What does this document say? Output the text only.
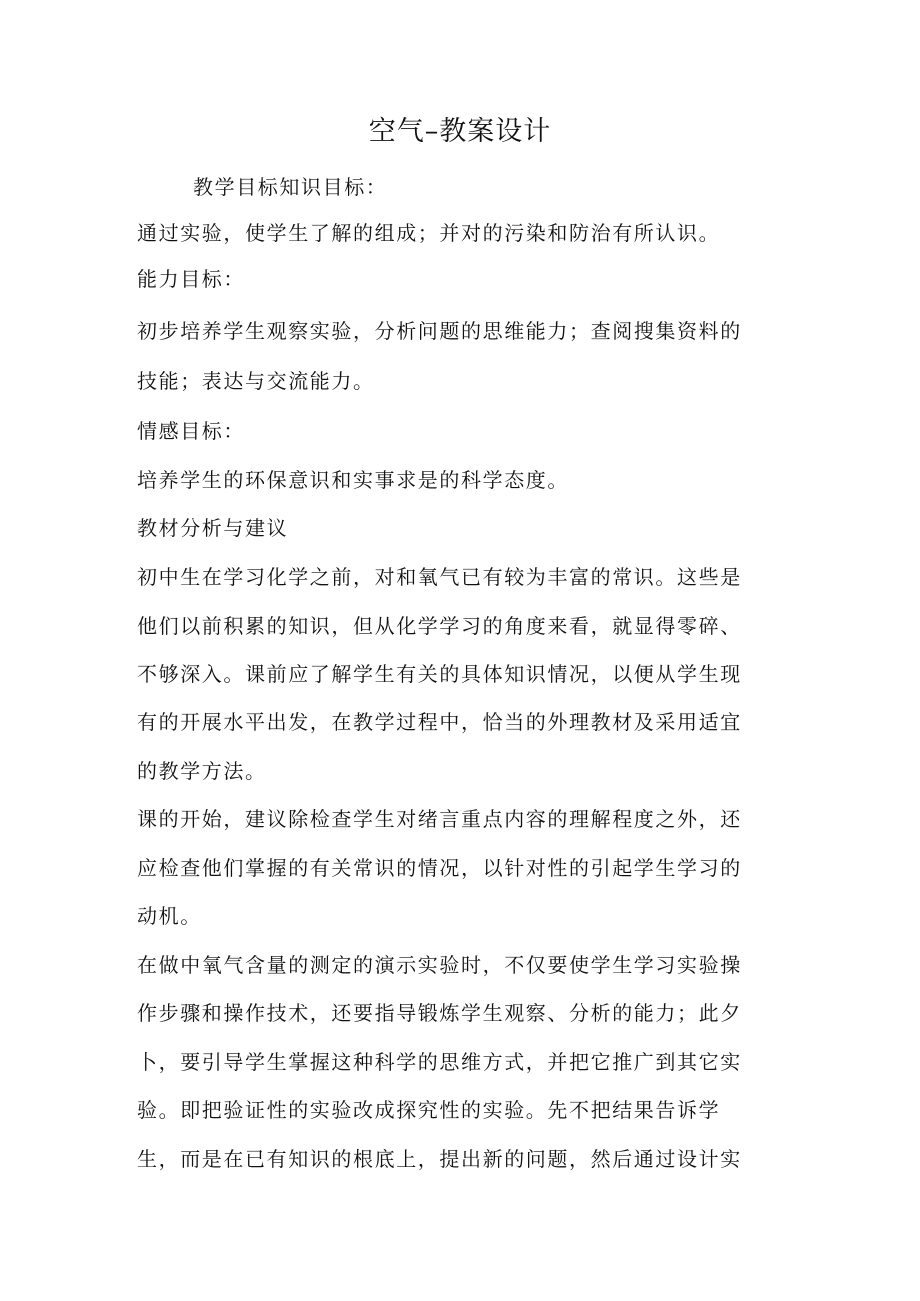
空气–教案设计

教学目标知识目标：

通过实验，使学生了解的组成；并对的污染和防治有所认识。

能力目标：

初步培养学生观察实验，分析问题的思维能力；查阅搜集资料的

技能；表达与交流能力。

情感目标：

培养学生的环保意识和实事求是的科学态度。

教材分析与建议

初中生在学习化学之前，对和氧气已有较为丰富的常识。这些是

他们以前积累的知识，但从化学学习的角度来看，就显得零碎、

不够深入。课前应了解学生有关的具体知识情况，以便从学生现

有的开展水平出发，在教学过程中，恰当的外理教材及采用适宜

的教学方法。

课的开始，建议除检查学生对绪言重点内容的理解程度之外，还

应检查他们掌握的有关常识的情况，以针对性的引起学生学习的

动机。

在做中氧气含量的测定的演示实验时，不仅要使学生学习实验操

作步骤和操作技术，还要指导锻炼学生观察、分析的能力；此夕

卜，要引导学生掌握这种科学的思维方式，并把它推广到其它实

验。即把验证性的实验改成探究性的实验。先不把结果告诉学

生，而是在已有知识的根底上，提出新的问题，然后通过设计实
